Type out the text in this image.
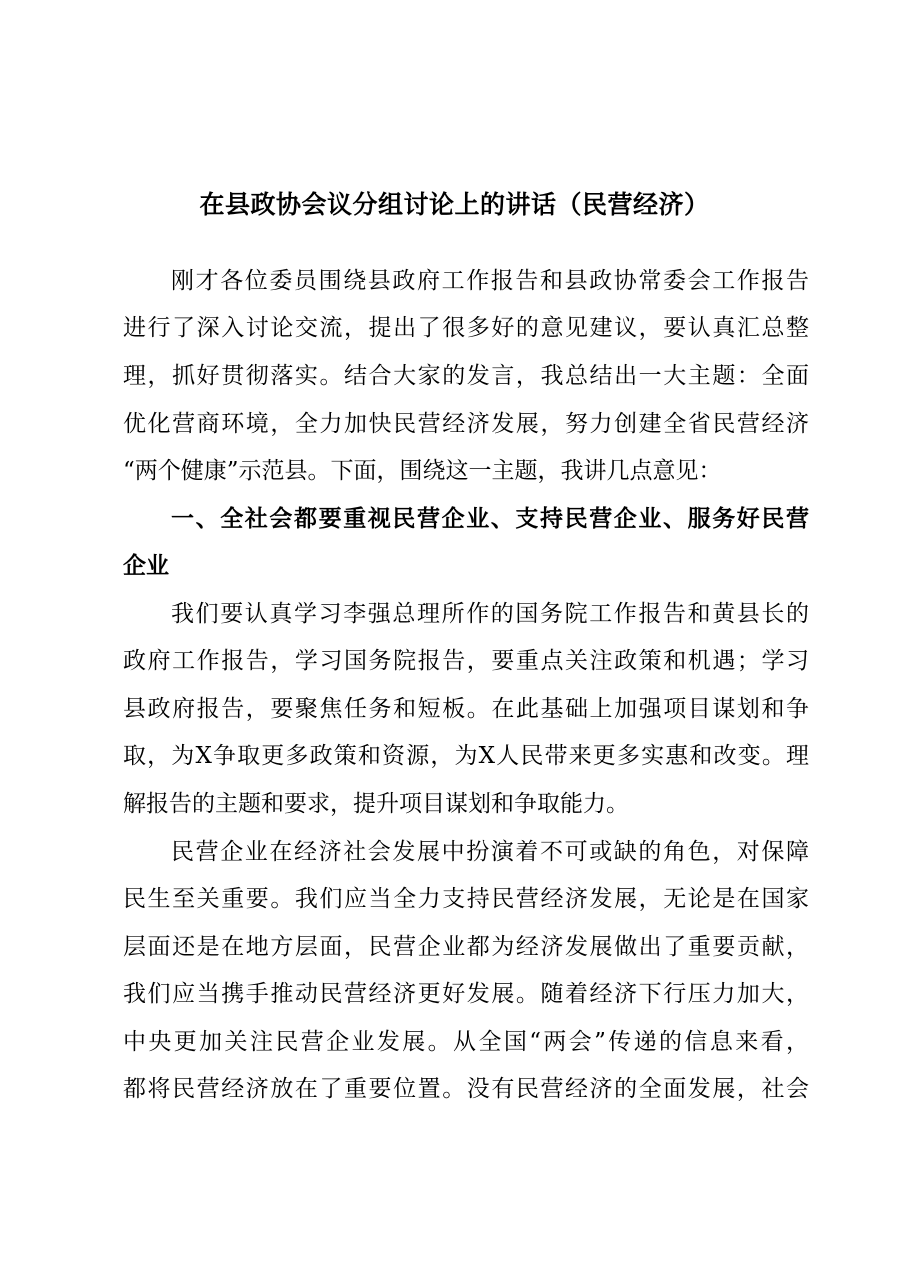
在县政协会议分组讨论上的讲话（民营经济）
刚才各位委员围绕县政府工作报告和县政协常委会工作报告
进行了深入讨论交流，提出了很多好的意见建议，要认真汇总整
理，抓好贯彻落实。结合大家的发言，我总结出一大主题：全面
优化营商环境，全力加快民营经济发展，努力创建全省民营经济
“两个健康”示范县。下面，围绕这一主题，我讲几点意见：
一、全社会都要重视民营企业、支持民营企业、服务好民营
企业
我们要认真学习李强总理所作的国务院工作报告和黄县长的
政府工作报告，学习国务院报告，要重点关注政策和机遇；学习
县政府报告，要聚焦任务和短板。在此基础上加强项目谋划和争
取，为X争取更多政策和资源，为X人民带来更多实惠和改变。理
解报告的主题和要求，提升项目谋划和争取能力。
民营企业在经济社会发展中扮演着不可或缺的角色，对保障
民生至关重要。我们应当全力支持民营经济发展，无论是在国家
层面还是在地方层面，民营企业都为经济发展做出了重要贡献，
我们应当携手推动民营经济更好发展。随着经济下行压力加大，
中央更加关注民营企业发展。从全国“两会”传递的信息来看，
都将民营经济放在了重要位置。没有民营经济的全面发展，社会
